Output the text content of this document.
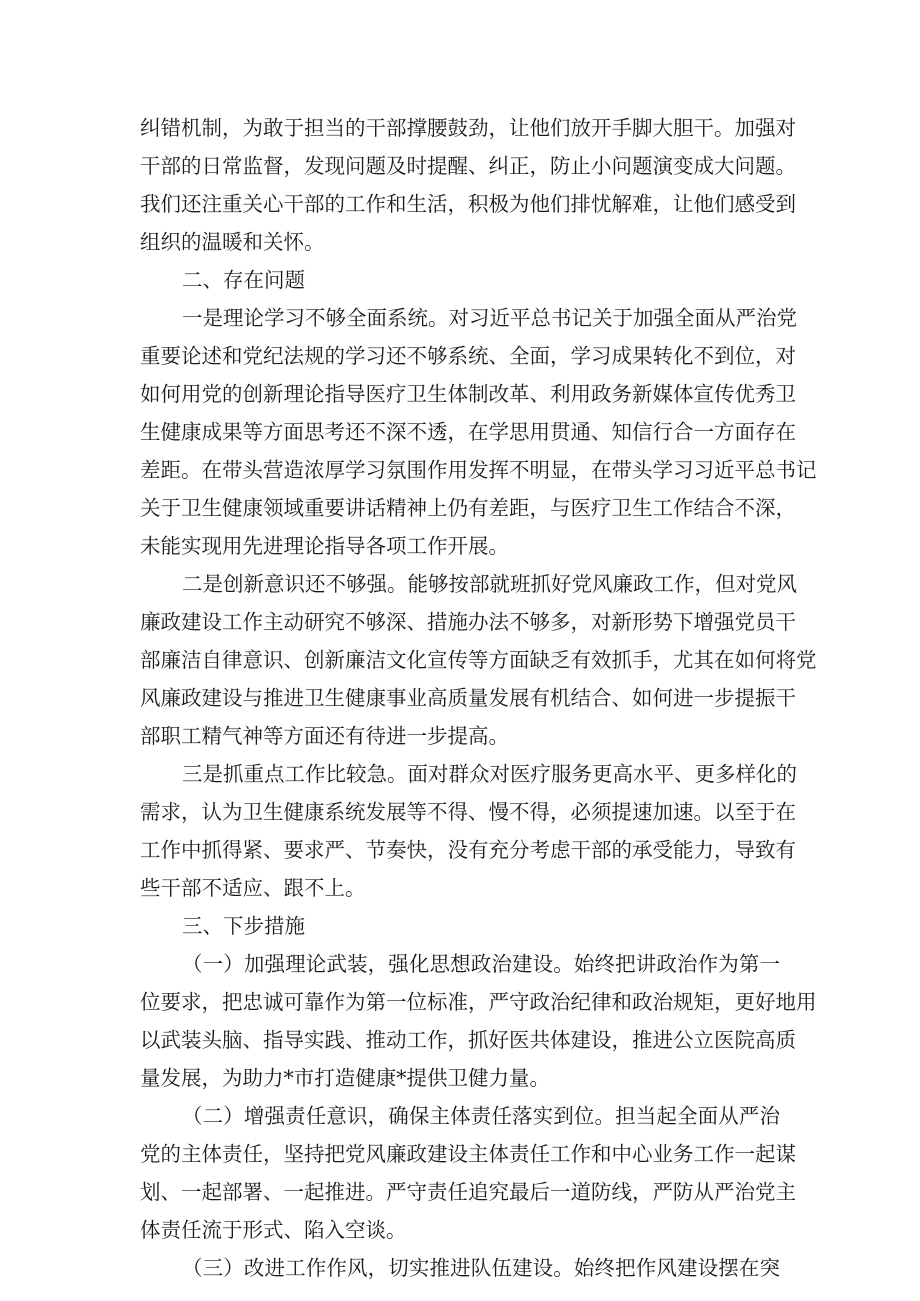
纠错机制，为敢于担当的干部撑腰鼓劲，让他们放开手脚大胆干。加强对
干部的日常监督，发现问题及时提醒、纠正，防止小问题演变成大问题。
我们还注重关心干部的工作和生活，积极为他们排忧解难，让他们感受到
组织的温暖和关怀。
二、存在问题
一是理论学习不够全面系统。对习近平总书记关于加强全面从严治党
重要论述和党纪法规的学习还不够系统、全面，学习成果转化不到位，对
如何用党的创新理论指导医疗卫生体制改革、利用政务新媒体宣传优秀卫
生健康成果等方面思考还不深不透，在学思用贯通、知信行合一方面存在
差距。在带头营造浓厚学习氛围作用发挥不明显，在带头学习习近平总书记
关于卫生健康领域重要讲话精神上仍有差距，与医疗卫生工作结合不深，
未能实现用先进理论指导各项工作开展。
二是创新意识还不够强。能够按部就班抓好党风廉政工作，但对党风
廉政建设工作主动研究不够深、措施办法不够多，对新形势下增强党员干
部廉洁自律意识、创新廉洁文化宣传等方面缺乏有效抓手，尤其在如何将党
风廉政建设与推进卫生健康事业高质量发展有机结合、如何进一步提振干
部职工精气神等方面还有待进一步提高。
三是抓重点工作比较急。面对群众对医疗服务更高水平、更多样化的
需求，认为卫生健康系统发展等不得、慢不得，必须提速加速。以至于在
工作中抓得紧、要求严、节奏快，没有充分考虑干部的承受能力，导致有
些干部不适应、跟不上。
三、下步措施
（一）加强理论武装，强化思想政治建设。始终把讲政治作为第一
位要求，把忠诚可靠作为第一位标准，严守政治纪律和政治规矩，更好地用
以武装头脑、指导实践、推动工作，抓好医共体建设，推进公立医院高质
量发展，为助力*市打造健康*提供卫健力量。
（二）增强责任意识，确保主体责任落实到位。担当起全面从严治
党的主体责任，坚持把党风廉政建设主体责任工作和中心业务工作一起谋
划、一起部署、一起推进。严守责任追究最后一道防线，严防从严治党主
体责任流于形式、陷入空谈。
（三）改进工作作风，切实推进队伍建设。始终把作风建设摆在突
